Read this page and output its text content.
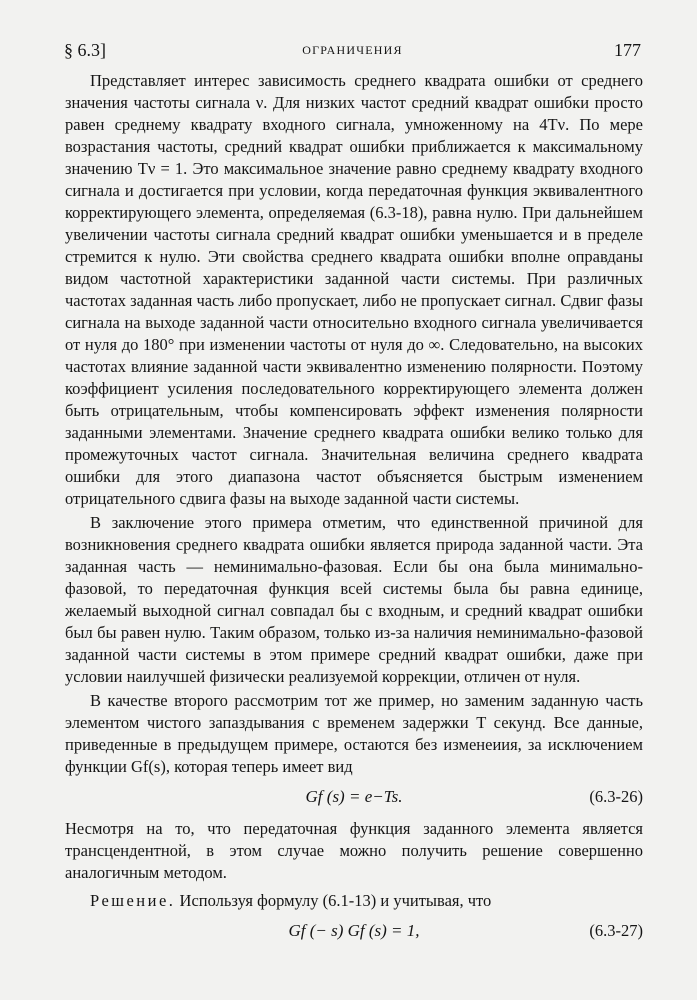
§ 6.3]	ОГРАНИЧЕНИЯ	177

Представляет интерес зависимость среднего квадрата ошибки от среднего значения частоты сигнала ν. Для низких частот средний квадрат ошибки просто равен среднему квадрату входного сигнала, умноженному на 4Tν. По мере возрастания частоты, средний квадрат ошибки приближается к максимальному значению Tν = 1. Это максимальное значение равно среднему квадрату входного сигнала и достигается при условии, когда передаточная функция эквивалентного корректирующего элемента, определяемая (6.3-18), равна нулю. При дальнейшем увеличении частоты сигнала средний квадрат ошибки уменьшается и в пределе стремится к нулю. Эти свойства среднего квадрата ошибки вполне оправданы видом частотной характеристики заданной части системы. При различных частотах заданная часть либо пропускает, либо не пропускает сигнал. Сдвиг фазы сигнала на выходе заданной части относительно входного сигнала увеличивается от нуля до 180° при изменении частоты от нуля до ∞. Следовательно, на высоких частотах влияние заданной части эквивалентно изменению полярности. Поэтому коэффициент усиления последовательного корректирующего элемента должен быть отрицательным, чтобы компенсировать эффект изменения полярности заданными элементами. Значение среднего квадрата ошибки велико только для промежуточных частот сигнала. Значительная величина среднего квадрата ошибки для этого диапазона частот объясняется быстрым изменением отрицательного сдвига фазы на выходе заданной части системы.

В заключение этого примера отметим, что единственной причиной для возникновения среднего квадрата ошибки является природа заданной части. Эта заданная часть — неминимально-фазовая. Если бы она была минимально-фазовой, то передаточная функция всей системы была бы равна единице, желаемый выходной сигнал совпадал бы с входным, и средний квадрат ошибки был бы равен нулю. Таким образом, только из-за наличия неминимально-фазовой заданной части системы в этом примере средний квадрат ошибки, даже при условии наилучшей физически реализуемой коррекции, отличен от нуля.

В качестве второго рассмотрим тот же пример, но заменим заданную часть элементом чистого запаздывания с временем задержки T секунд. Все данные, приведенные в предыдущем примере, остаются без изменеиия, за исключением функции Gf(s), которая теперь имеет вид

Gf (s) = e−Ts.	(6.3-26)

Несмотря на то, что передаточная функция заданного элемента является трансцендентной, в этом случае можно получить решение совершенно аналогичным методом.

Решение. Используя формулу (6.1-13) и учитывая, что

Gf (− s) Gf (s) = 1,	(6.3-27)
